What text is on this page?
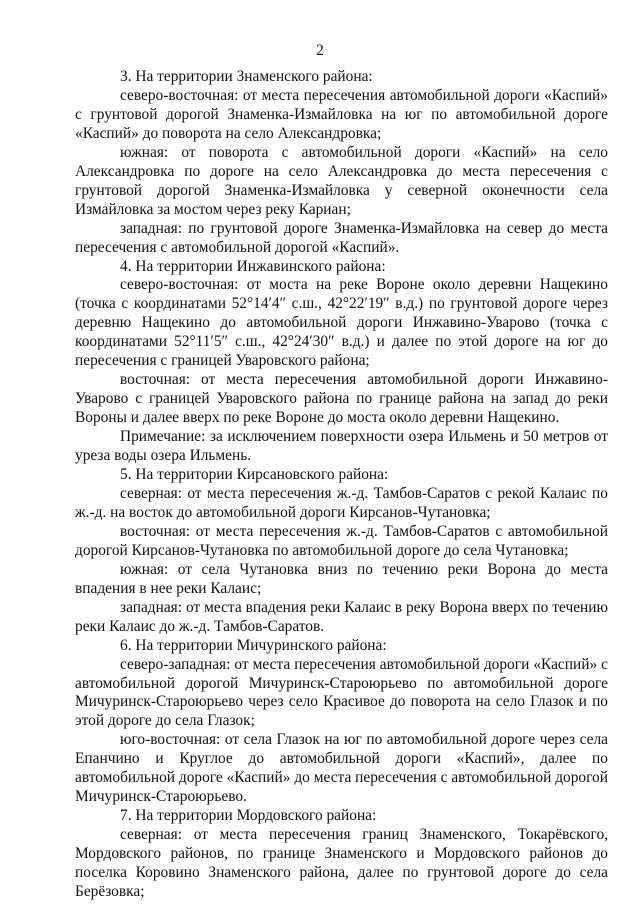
2

3. На территории Знаменского района:

северо-восточная: от места пересечения автомобильной дороги «Каспий» с грунтовой дорогой Знаменка-Измайловка на юг по автомобильной дороге «Каспий» до поворота на село Александровка;

южная: от поворота с автомобильной дороги «Каспий» на село Александровка по дороге на село Александровка до места пересечения с грунтовой дорогой Знаменка-Измайловка у северной оконечности села Измайловка за мостом через реку Кариан;

западная: по грунтовой дороге Знаменка-Измайловка на север до места пересечения с автомобильной дорогой «Каспий».

4. На территории Инжавинского района:

северо-восточная: от моста на реке Вороне около деревни Нащекино (точка с координатами 52°14′4″ с.ш., 42°22′19″ в.д.) по грунтовой дороге через деревню Нащекино до автомобильной дороги Инжавино-Уварово (точка с координатами 52°11′5″ с.ш., 42°24′30″ в.д.) и далее по этой дороге на юг до пересечения с границей Уваровского района;

восточная: от места пересечения автомобильной дороги Инжавино-Уварово с границей Уваровского района по границе района на запад до реки Вороны и далее вверх по реке Вороне до моста около деревни Нащекино.

Примечание: за исключением поверхности озера Ильмень и 50 метров от уреза воды озера Ильмень.

5. На территории Кирсановского района:

северная: от места пересечения ж.-д. Тамбов-Саратов с рекой Калаис по ж.-д. на восток до автомобильной дороги Кирсанов-Чутановка;

восточная: от места пересечения ж.-д. Тамбов-Саратов с автомобильной дорогой Кирсанов-Чутановка по автомобильной дороге до села Чутановка;

южная: от села Чутановка вниз по течению реки Ворона до места впадения в нее реки Калаис;

западная: от места впадения реки Калаис в реку Ворона вверх по течению реки Калаис до ж.-д. Тамбов-Саратов.

6. На территории Мичуринского района:

северо-западная: от места пересечения автомобильной дороги «Каспий» с автомобильной дорогой Мичуринск-Староюрьево по автомобильной дороге Мичуринск-Староюрьево через село Красивое до поворота на село Глазок и по этой дороге до села Глазок;

юго-восточная: от села Глазок на юг по автомобильной дороге через села Епанчино и Круглое до автомобильной дороги «Каспий», далее по автомобильной дороге «Каспий» до места пересечения с автомобильной дорогой Мичуринск-Староюрьево.

7. На территории Мордовского района:

северная: от места пересечения границ Знаменского, Токарёвского, Мордовского районов, по границе Знаменского и Мордовского районов до поселка Коровино Знаменского района, далее по грунтовой дороге до села Берёзовка;
